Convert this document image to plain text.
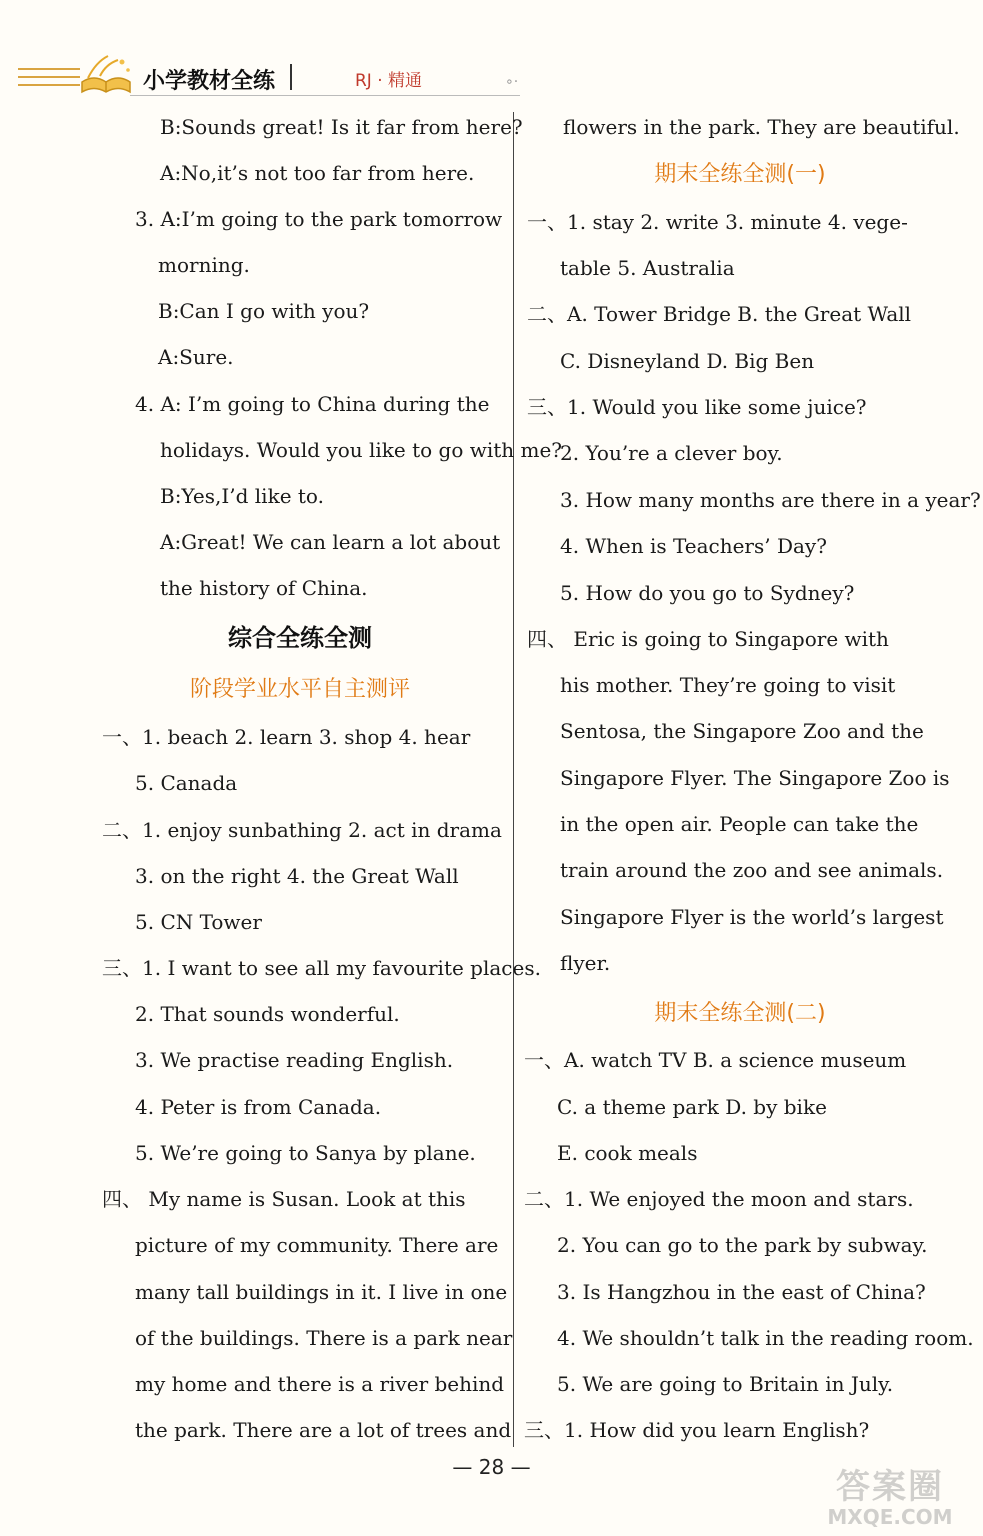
小学教材全练	RJ · 精通	∘·
B:Sounds great! Is it far from here?
A:No,it’s not too far from here.
3. A:I’m going to the park tomorrow
morning.
B:Can I go with you?
A:Sure.
4. A: I’m going to China during the
holidays. Would you like to go with me?
B:Yes,I’d like to.
A:Great! We can learn a lot about
the history of China.
综合全练全测
阶段学业水平自主测评
一、1. beach 2. learn 3. shop 4. hear
5. Canada
二、1. enjoy sunbathing 2. act in drama
3. on the right 4. the Great Wall
5. CN Tower
三、1. I want to see all my favourite places.
2. That sounds wonderful.
3. We practise reading English.
4. Peter is from Canada.
5. We’re going to Sanya by plane.
四、 My name is Susan. Look at this
picture of my community. There are
many tall buildings in it. I live in one
of the buildings. There is a park near
my home and there is a river behind
the park. There are a lot of trees and
flowers in the park. They are beautiful.
期末全练全测(一)
期末全练全测(二)
一、1. stay 2. write 3. minute 4. vege-
table 5. Australia
二、A. Tower Bridge B. the Great Wall
C. Disneyland D. Big Ben
三、1. Would you like some juice?
2. You’re a clever boy.
3. How many months are there in a year?
4. When is Teachers’ Day?
5. How do you go to Sydney?
四、 Eric is going to Singapore with
his mother. They’re going to visit
Sentosa, the Singapore Zoo and the
Singapore Flyer. The Singapore Zoo is
in the open air. People can take the
train around the zoo and see animals.
Singapore Flyer is the world’s largest
flyer.
一、A. watch TV B. a science museum
C. a theme park D. by bike
E. cook meals
二、1. We enjoyed the moon and stars.
2. You can go to the park by subway.
3. Is Hangzhou in the east of China?
4. We shouldn’t talk in the reading room.
5. We are going to Britain in July.
三、1. How did you learn English?
— 28 —	答案圈
MXQE.COM
